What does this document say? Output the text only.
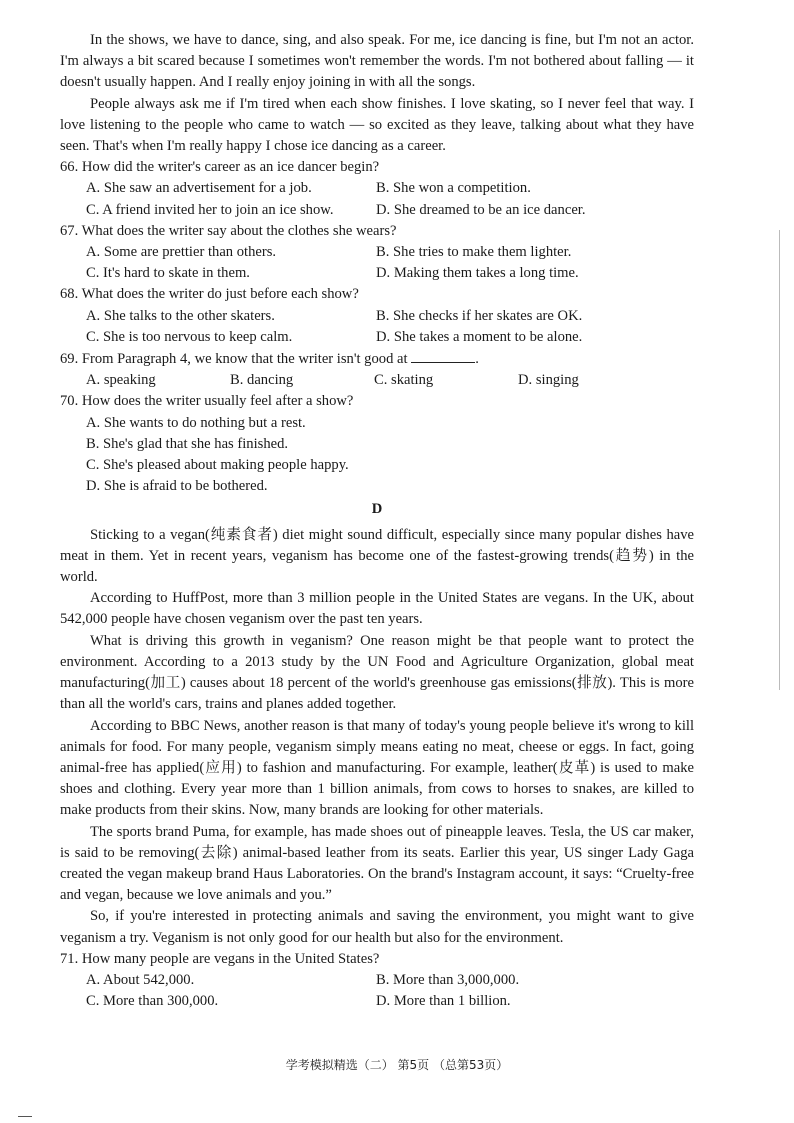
In the shows, we have to dance, sing, and also speak. For me, ice dancing is fine, but I'm not an actor. I'm always a bit scared because I sometimes won't remember the words. I'm not bothered about falling — it doesn't usually happen. And I really enjoy joining in with all the songs.

People always ask me if I'm tired when each show finishes. I love skating, so I never feel that way. I love listening to the people who came to watch — so excited as they leave, talking about what they have seen. That's when I'm really happy I chose ice dancing as a career.

66. How did the writer's career as an ice dancer begin?

A. She saw an advertisement for a job.	B. She won a competition.
C. A friend invited her to join an ice show.	D. She dreamed to be an ice dancer.

67. What does the writer say about the clothes she wears?

A. Some are prettier than others.	B. She tries to make them lighter.
C. It's hard to skate in them.	D. Making them takes a long time.

68. What does the writer do just before each show?

A. She talks to the other skaters.	B. She checks if her skates are OK.
C. She is too nervous to keep calm.	D. She takes a moment to be alone.

69. From Paragraph 4, we know that the writer isn't good at	.

A. speaking	B. dancing	C. skating	D. singing

70. How does the writer usually feel after a show?

A. She wants to do nothing but a rest.
B. She's glad that she has finished.
C. She's pleased about making people happy.
D. She is afraid to be bothered.
D

Sticking to a vegan(纯素食者) diet might sound difficult, especially since many popular dishes have meat in them. Yet in recent years, veganism has become one of the fastest-growing trends(趋势) in the world.

According to HuffPost, more than 3 million people in the United States are vegans. In the UK, about 542,000 people have chosen veganism over the past ten years.

What is driving this growth in veganism? One reason might be that people want to protect the environment. According to a 2013 study by the UN Food and Agriculture Organization, global meat manufacturing(加工) causes about 18 percent of the world's greenhouse gas emissions(排放). This is more than all the world's cars, trains and planes added together.

According to BBC News, another reason is that many of today's young people believe it's wrong to kill animals for food. For many people, veganism simply means eating no meat, cheese or eggs. In fact, going animal-free has applied(应用) to fashion and manufacturing. For example, leather(皮革) is used to make shoes and clothing. Every year more than 1 billion animals, from cows to horses to snakes, are killed to make products from their skins. Now, many brands are looking for other materials.

The sports brand Puma, for example, has made shoes out of pineapple leaves. Tesla, the US car maker, is said to be removing(去除) animal-based leather from its seats. Earlier this year, US singer Lady Gaga created the vegan makeup brand Haus Laboratories. On the brand's Instagram account, it says: “Cruelty-free and vegan, because we love animals and you.”

So, if you're interested in protecting animals and saving the environment, you might want to give veganism a try. Veganism is not only good for our health but also for the environment.

71. How many people are vegans in the United States?

A. About 542,000.	B. More than 3,000,000.
C. More than 300,000.	D. More than 1 billion.
学考模拟精选（二） 第5页 （总第53页）
